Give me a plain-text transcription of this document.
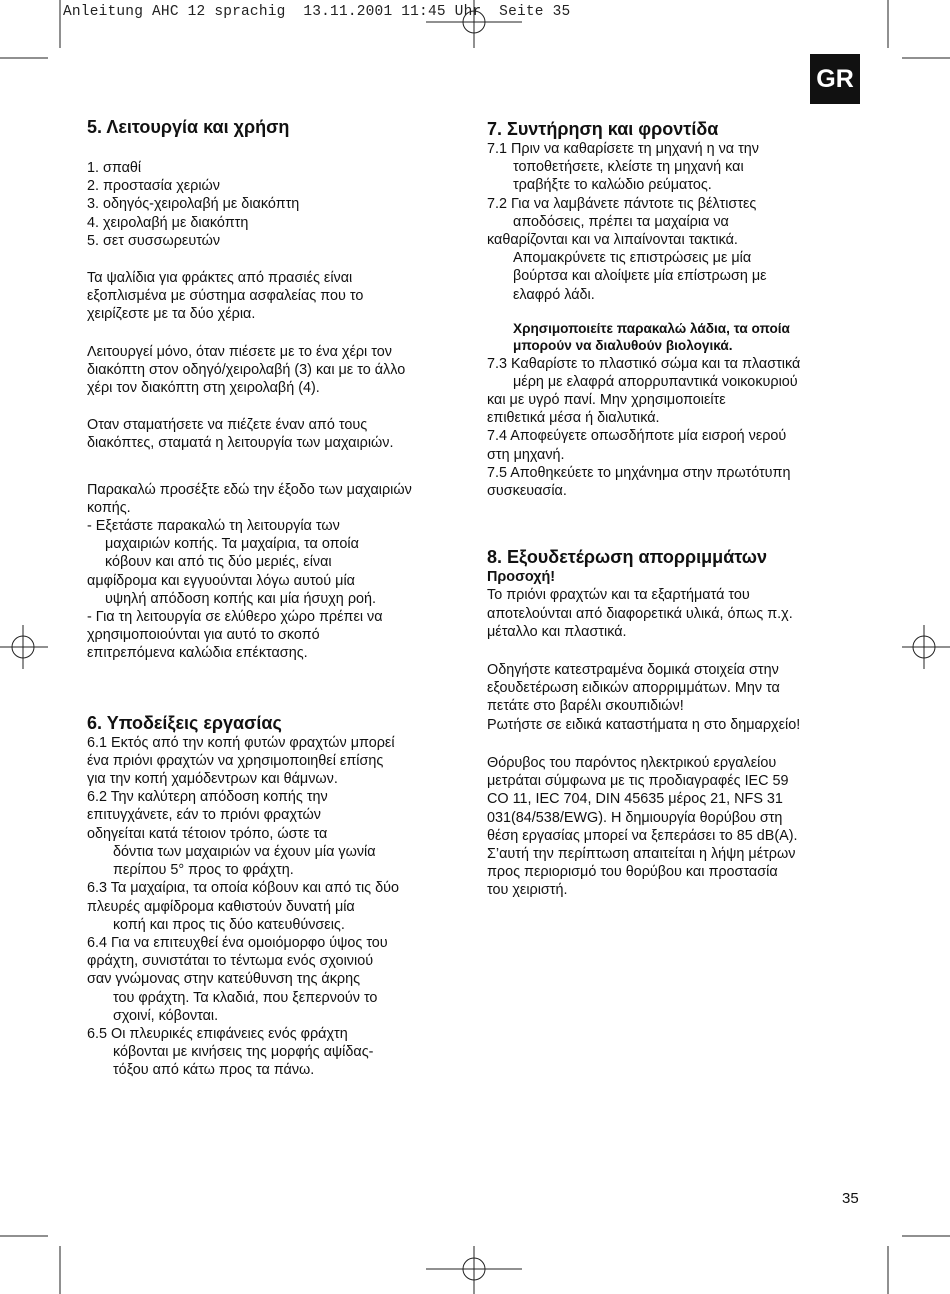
Anleitung AHC 12 sprachig  13.11.2001 11:45 Uhr  Seite 35
GR
5. Λειτουργία και χρήση
1. σπαθί
2. προστασία χεριών
3. οδηγός-χειρολαβή με διακόπτη
4. χειρολαβή με διακόπτη
5. σετ συσσωρευτών
Τα ψαλίδια για φράκτες από πρασιές είναι
εξοπλισμένα με σύστημα ασφαλείας που το
χειρίζεστε με τα δύο χέρια.
Λειτουργεί μόνο, όταν πιέσετε με το ένα χέρι τον
διακόπτη στον οδηγό/χειρολαβή (3) και με το άλλο
χέρι τον διακόπτη στη χειρολαβή (4).
Οταν σταματήσετε να πιέζετε έναν από τους
διακόπτες, σταματά η λειτουργία των μαχαιριών.
Παρακαλώ προσέξτε εδώ την έξοδο των μαχαιριών
κοπής.
- Εξετάστε παρακαλώ τη λειτουργία των
μαχαιριών κοπής. Τα μαχαίρια, τα οποία
κόβουν και από τις δύο μεριές, είναι
αμφίδρομα και εγγυούνται λόγω αυτού μία
υψηλή απόδοση κοπής και μία ήσυχη ροή.
- Για τη λειτουργία σε ελύθερο χώρο πρέπει να
χρησιμοποιούνται για αυτό το σκοπό
επιτρεπόμενα καλώδια επέκτασης.
6. Υποδείξεις εργασίας
6.1 Εκτός από την κοπή φυτών φραχτών μπορεί
ένα πριόνι φραχτών να χρησιμοποιηθεί επίσης
για την κοπή χαμόδεντρων και θάμνων.
6.2 Την καλύτερη απόδοση κοπής την
επιτυγχάνετε, εάν το πριόνι φραχτών
οδηγείται κατά τέτοιον τρόπο, ώστε τα
δόντια των μαχαιριών να έχουν μία γωνία
περίπου 5° προς το φράχτη.
6.3 Τα μαχαίρια, τα οποία κόβουν και από τις δύο
πλευρές αμφίδρομα καθιστούν δυνατή μία
κοπή και προς τις δύο κατευθύνσεις.
6.4 Για να επιτευχθεί ένα ομοιόμορφο ύψος του
φράχτη, συνιστάται το τέντωμα ενός σχοινιού
σαν γνώμονας στην κατεύθυνση της άκρης
του φράχτη. Τα κλαδιά, που ξεπερνούν το
σχοινί, κόβονται.
6.5 Οι πλευρικές επιφάνειες ενός φράχτη
κόβονται με κινήσεις της μορφής αψίδας-
τόξου από κάτω προς τα πάνω.
7. Συντήρηση και φροντίδα
7.1 Πριν να καθαρίσετε τη μηχανή η να την
τοποθετήσετε, κλείστε τη μηχανή και
τραβήξτε το καλώδιο ρεύματος.
7.2 Για να λαμβάνετε πάντοτε τις βέλτιστες
αποδόσεις, πρέπει τα μαχαίρια να
καθαρίζονται και να λιπαίνονται τακτικά.
Απομακρύνετε τις επιστρώσεις με μία
βούρτσα και αλοίψετε μία επίστρωση με
ελαφρό λάδι.
Χρησιμοποιείτε παρακαλώ λάδια, τα οποία
μπορούν να διαλυθούν βιολογικά.
7.3 Καθαρίστε το πλαστικό σώμα και τα πλαστικά
μέρη με ελαφρά απορρυπαντικά νοικοκυριού
και με υγρό πανί. Μην χρησιμοποιείτε
επιθετικά μέσα ή διαλυτικά.
7.4 Αποφεύγετε οπωσδήποτε μία εισροή νερού
στη μηχανή.
7.5 Αποθηκεύετε το μηχάνημα στην πρωτότυπη
συσκευασία.
8. Εξουδετέρωση απορριμμάτων
Προσοχή!
Το πριόνι φραχτών και τα εξαρτήματά του
αποτελούνται από διαφορετικά υλικά, όπως π.χ.
μέταλλο και πλαστικά.
Οδηγήστε κατεστραμένα δομικά στοιχεία στην
εξουδετέρωση ειδικών απορριμμάτων. Μην τα
πετάτε στο βαρέλι σκουπιδιών!
Ρωτήστε σε ειδικά καταστήματα η στο δημαρχείο!
Θόρυβος του παρόντος ηλεκτρικού εργαλείου
μετράται σύμφωνα με τις προδιαγραφές IEC 59
CO 11, IEC 704, DIN 45635 μέρος 21, NFS 31
031(84/538/EWG). Η δημιουργία θορύβου στη
θέση εργασίας μπορεί να ξεπεράσει το 85 dB(A).
Σ’αυτή την περίπτωση απαιτείται η λήψη μέτρων
προς περιορισμό του θορύβου και προστασία
του χειριστή.
35
